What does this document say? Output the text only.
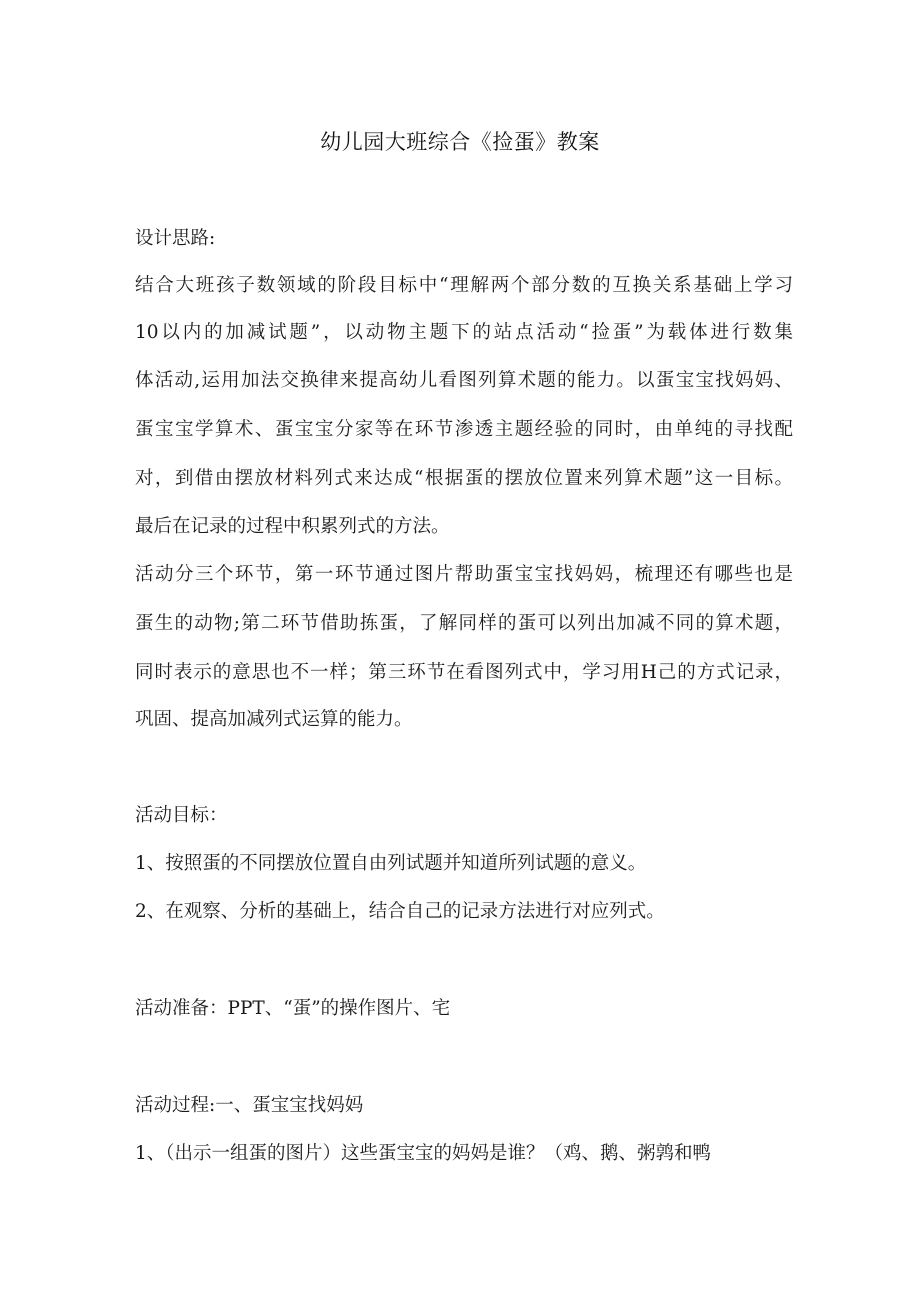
幼儿园大班综合《捡蛋》教案
设计思路:
结合大班孩子数领域的阶段目标中“理解两个部分数的互换关系基础上学习
10以内的加减试题”，以动物主题下的站点活动“捡蛋”为载体进行数集
体活动,运用加法交换律来提高幼儿看图列算术题的能力。以蛋宝宝找妈妈、
蛋宝宝学算术、蛋宝宝分家等在环节渗透主题经验的同时，由单纯的寻找配
对，到借由摆放材料列式来达成“根据蛋的摆放位置来列算术题”这一目标。
最后在记录的过程中积累列式的方法。
活动分三个环节，第一环节通过图片帮助蛋宝宝找妈妈，梳理还有哪些也是
蛋生的动物;第二环节借助拣蛋，了解同样的蛋可以列出加减不同的算术题，
同时表示的意思也不一样；第三环节在看图列式中，学习用H己的方式记录，
巩固、提高加减列式运算的能力。
活动目标：
1、按照蛋的不同摆放位置自由列试题并知道所列试题的意义。
2、在观察、分析的基础上，结合自己的记录方法进行对应列式。
活动准备：PPT、“蛋”的操作图片、宅
活动过程:一、蛋宝宝找妈妈
1、（出示一组蛋的图片）这些蛋宝宝的妈妈是谁？（鸡、鹅、粥鹑和鸭
